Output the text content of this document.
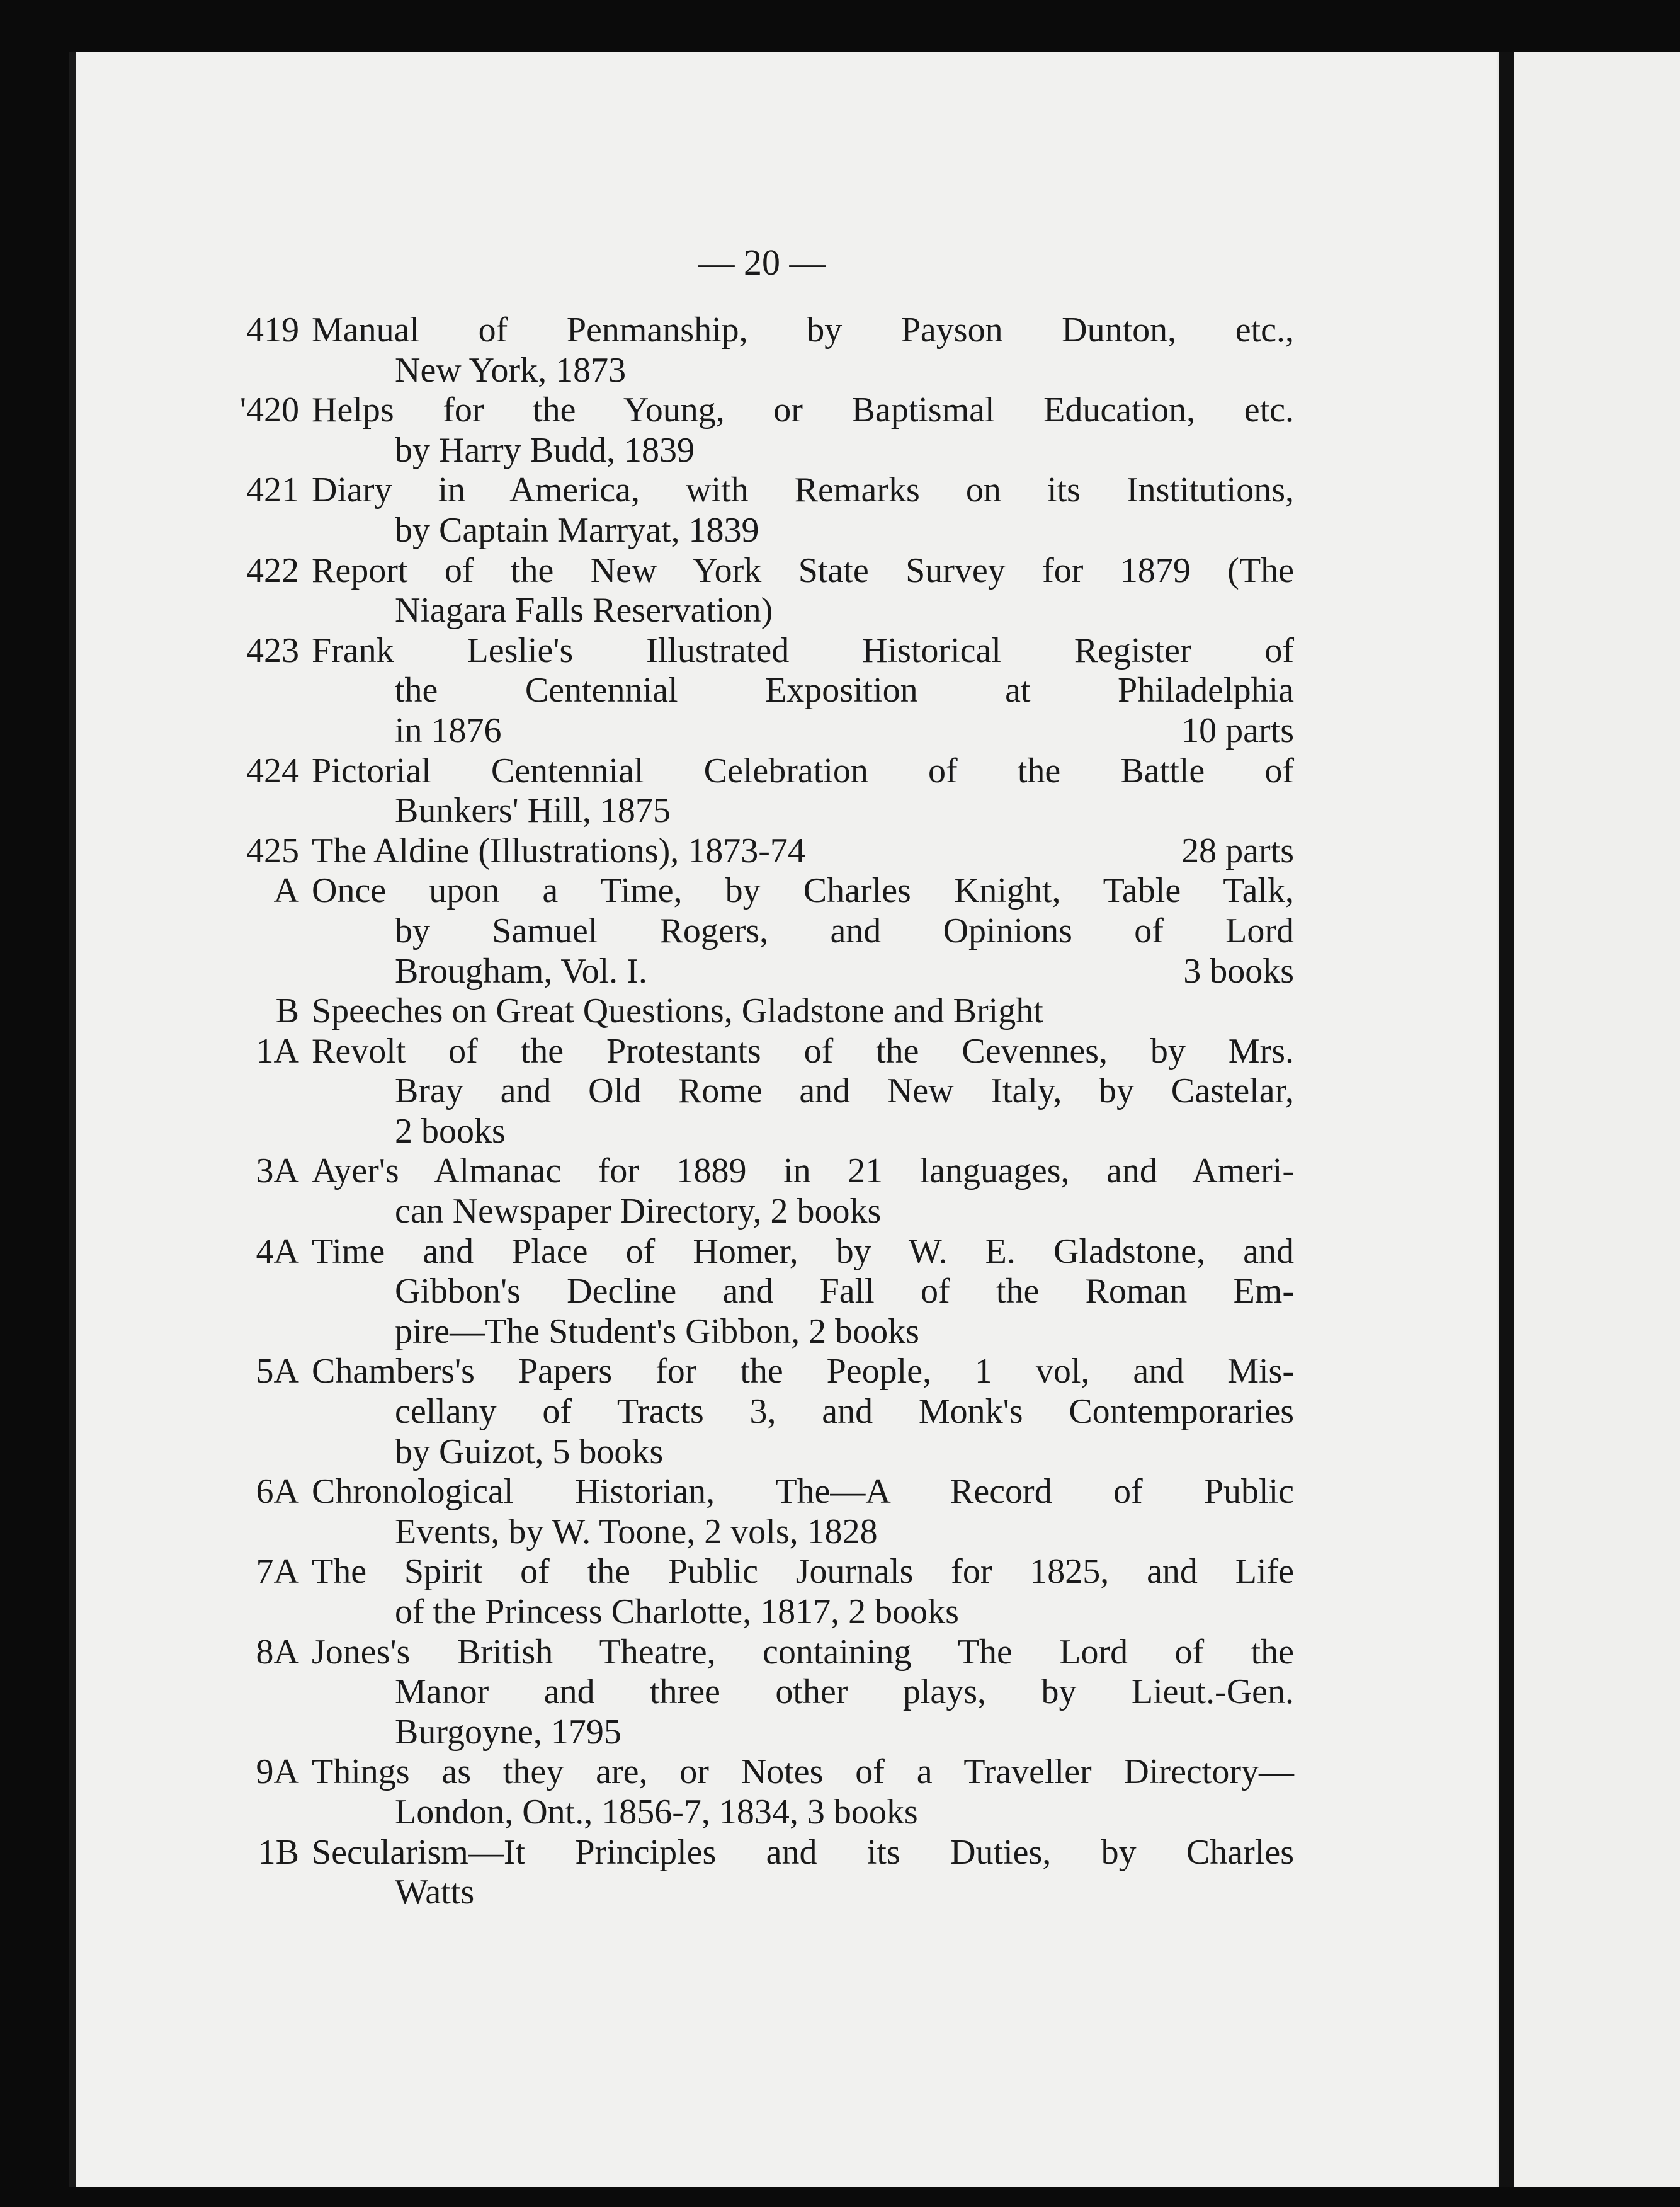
— 20 —
419 Manual of Penmanship, by Payson Dunton, etc.,
New York, 1873
'420 Helps for the Young, or Baptismal Education, etc.
by Harry Budd, 1839
421 Diary in America, with Remarks on its Institutions,
by Captain Marryat, 1839
422 Report of the New York State Survey for 1879 (The
Niagara Falls Reservation)
423 Frank Leslie's Illustrated Historical Register of
the Centennial Exposition at Philadelphia
in 1876	10 parts
424 Pictorial Centennial Celebration of the Battle of
Bunkers' Hill, 1875
425 The Aldine (Illustrations), 1873-74	28 parts
A Once upon a Time, by Charles Knight, Table Talk,
by Samuel Rogers, and Opinions of Lord
Brougham, Vol. I.	3 books
B Speeches on Great Questions, Gladstone and Bright
1A Revolt of the Protestants of the Cevennes, by Mrs.
Bray and Old Rome and New Italy, by Castelar,
2 books
3A Ayer's Almanac for 1889 in 21 languages, and Ameri-
can Newspaper Directory, 2 books
4A Time and Place of Homer, by W. E. Gladstone, and
Gibbon's Decline and Fall of the Roman Em-
pire—The Student's Gibbon, 2 books
5A Chambers's Papers for the People, 1 vol, and Mis-
cellany of Tracts 3, and Monk's Contemporaries
by Guizot, 5 books
6A Chronological Historian, The—A Record of Public
Events, by W. Toone, 2 vols, 1828
7A The Spirit of the Public Journals for 1825, and Life
of the Princess Charlotte, 1817, 2 books
8A Jones's British Theatre, containing The Lord of the
Manor and three other plays, by Lieut.-Gen.
Burgoyne, 1795
9A Things as they are, or Notes of a Traveller Directory—
London, Ont., 1856-7, 1834, 3 books
1B Secularism—It Principles and its Duties, by Charles
Watts
